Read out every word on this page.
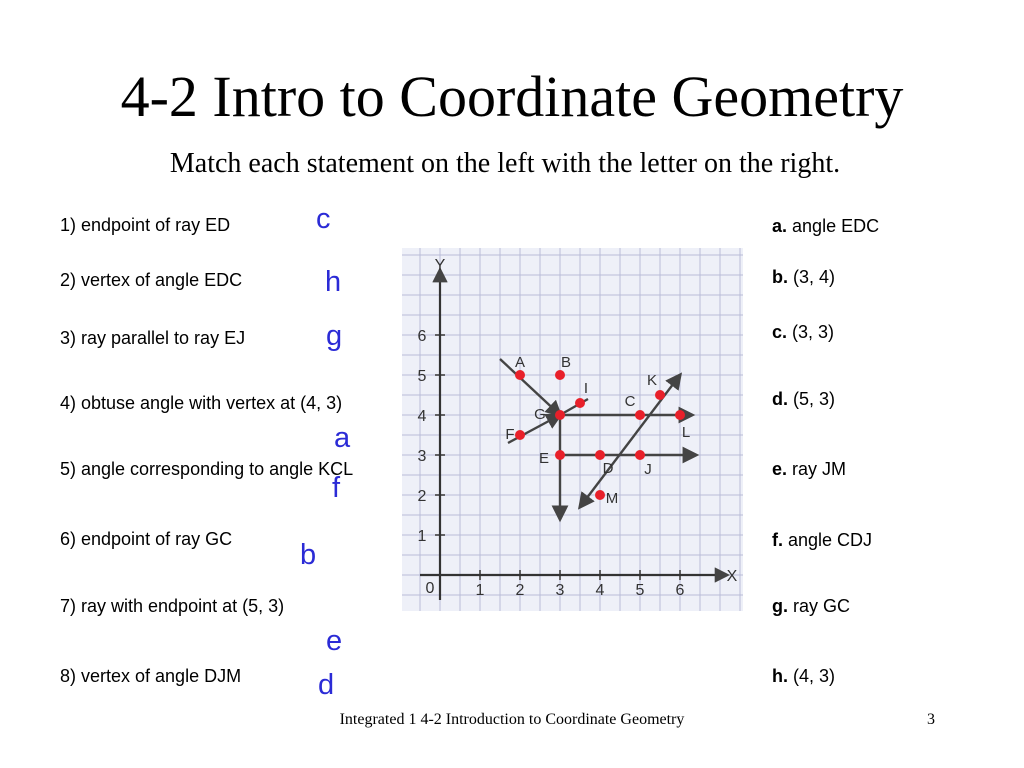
4-2 Intro to Coordinate Geometry
Match each statement on the left with the letter on the right.
1) endpoint of ray ED
2) vertex of angle EDC
3) ray parallel to ray EJ
4) obtuse angle with vertex at (4, 3)
5) angle corresponding to angle KCL
6) endpoint of ray GC
7) ray with endpoint at (5, 3)
8) vertex of angle DJM
c
h
g
a
f
b
e
d
a. angle EDC
b. (3, 4)
c. (3, 3)
d. (5, 3)
e. ray JM
f. angle CDJ
g. ray GC
h. (4, 3)
1 2 3 4 5 6
1
2
3
4
5
6
0
X
Y
A B
I	K
C
L
G
F
E
D J
M
Integrated 1 4-2 Introduction to Coordinate Geometry	3
